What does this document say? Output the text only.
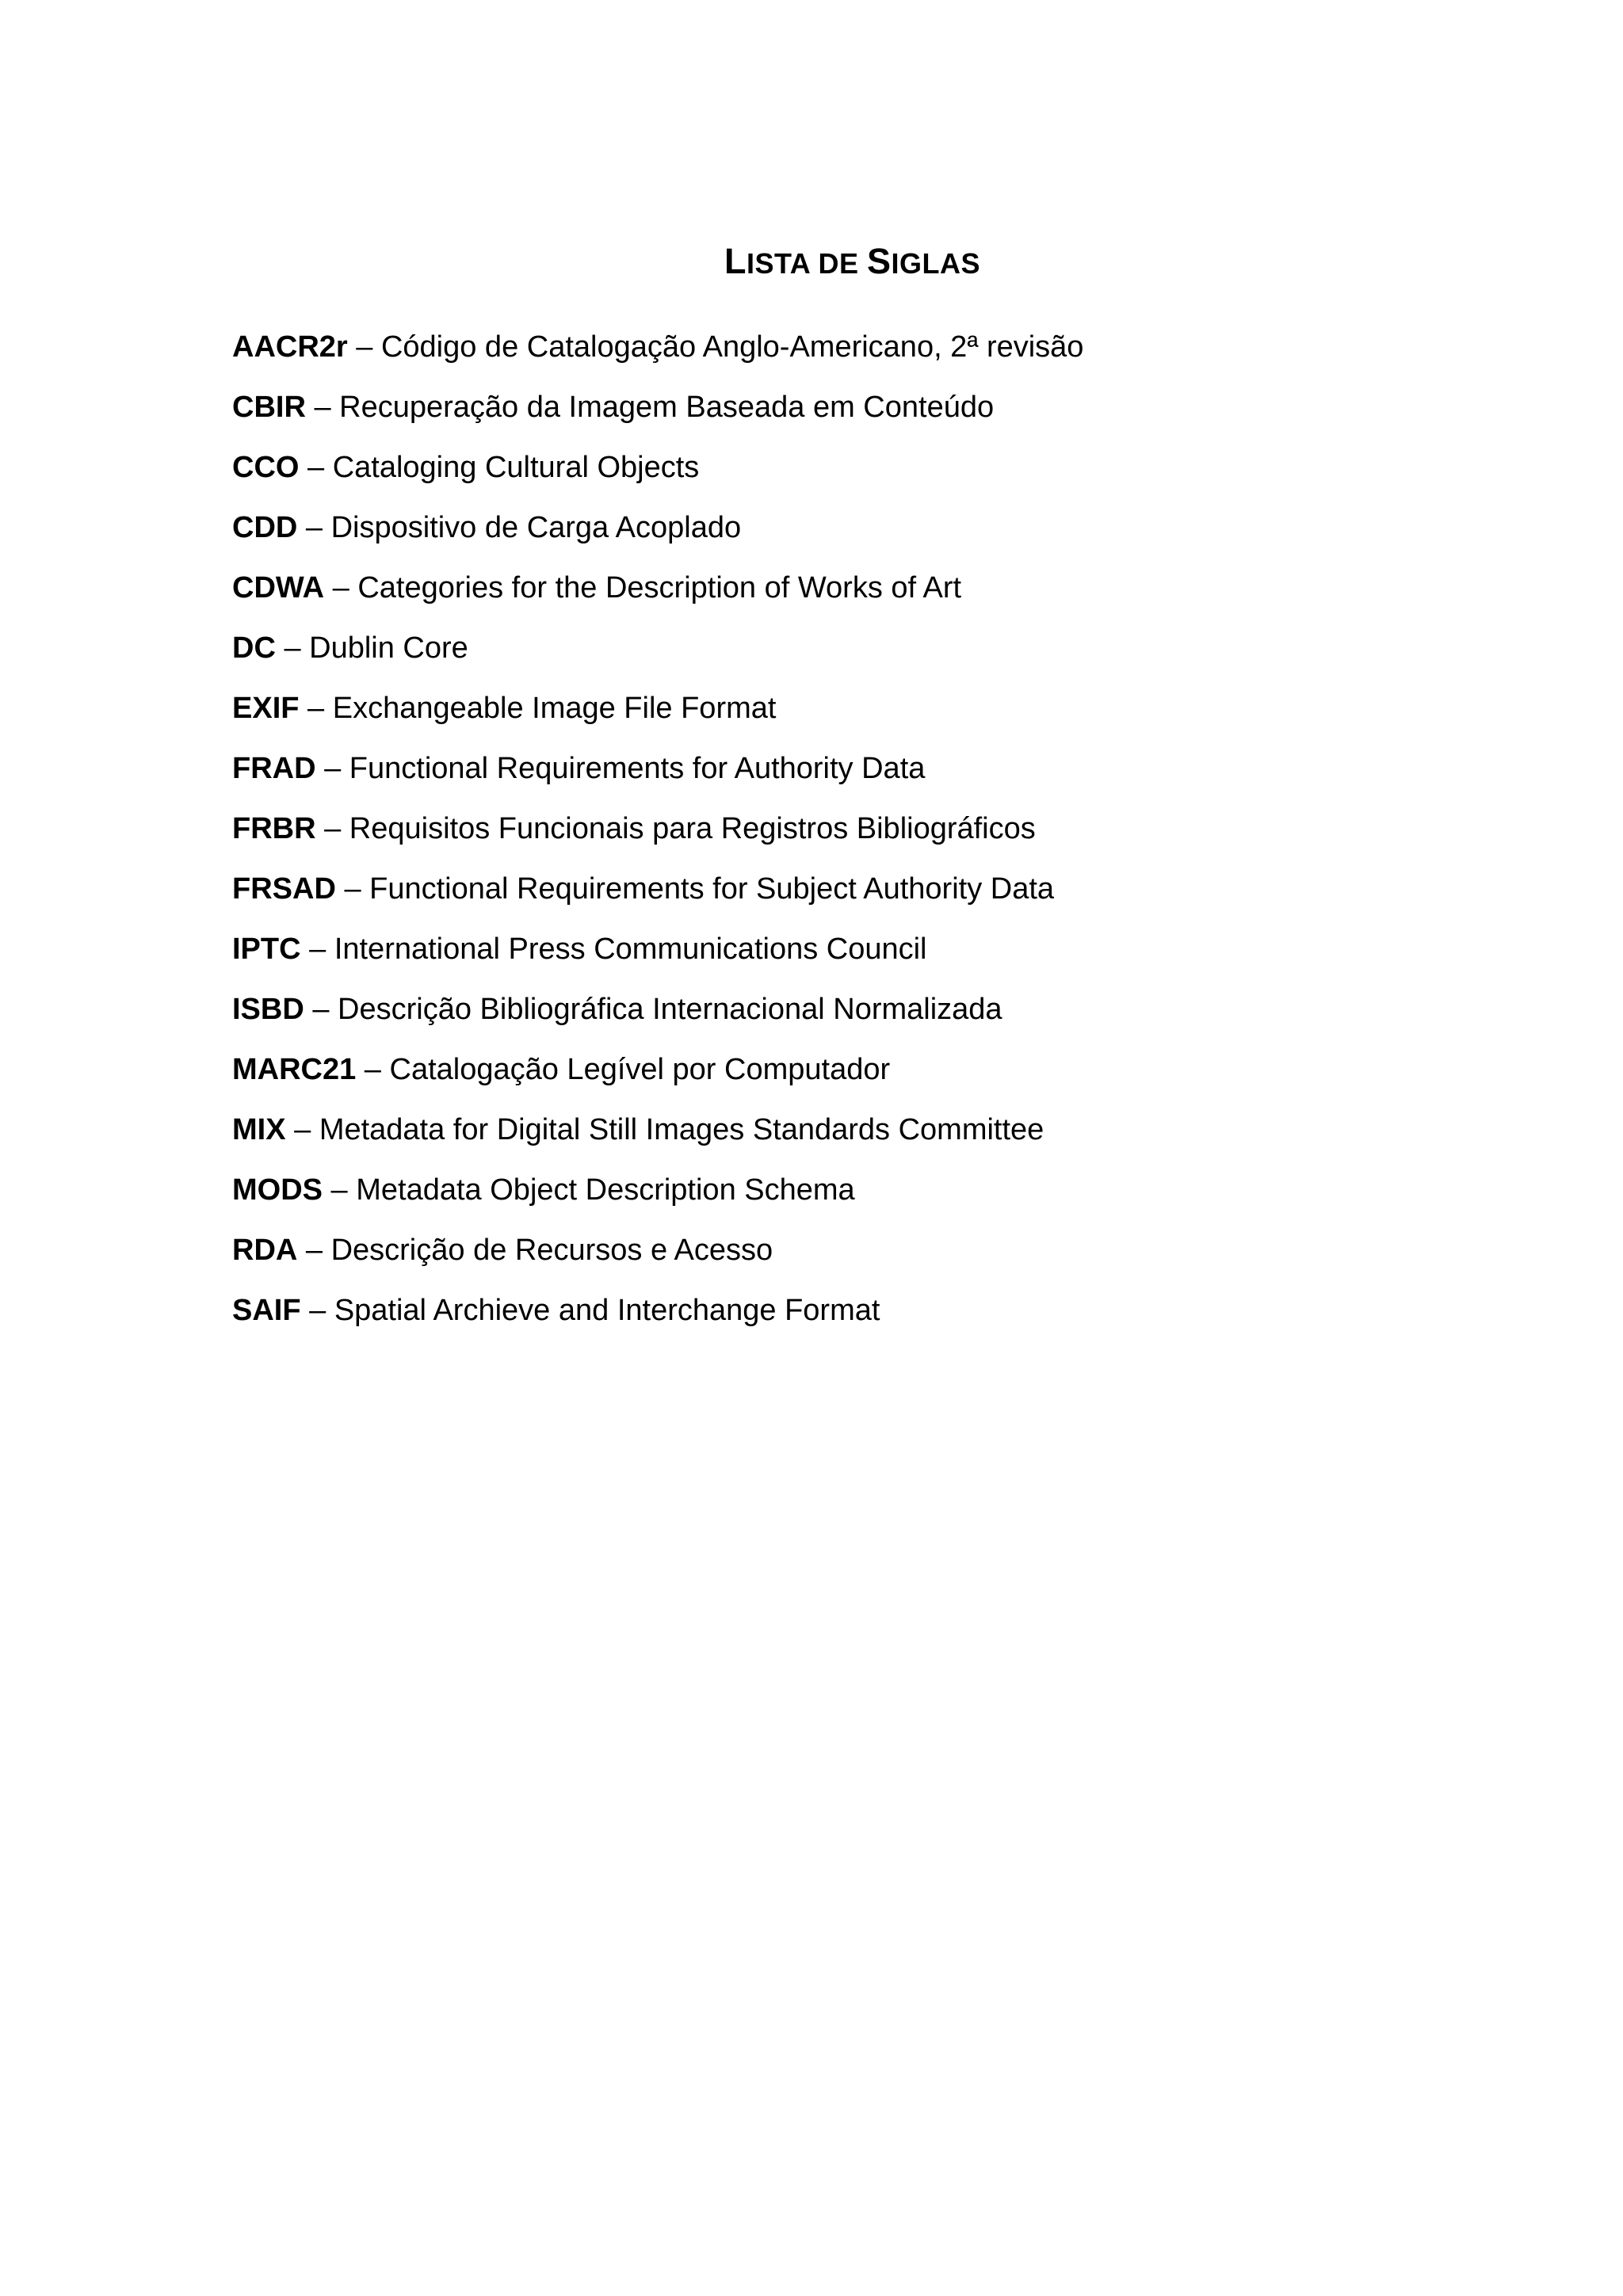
LISTA DE SIGLAS
AACR2r – Código de Catalogação Anglo-Americano, 2ª revisão
CBIR – Recuperação da Imagem Baseada em Conteúdo
CCO – Cataloging Cultural Objects
CDD – Dispositivo de Carga Acoplado
CDWA – Categories for the Description of Works of Art
DC – Dublin Core
EXIF – Exchangeable Image File Format
FRAD – Functional Requirements for Authority Data
FRBR – Requisitos Funcionais para Registros Bibliográficos
FRSAD – Functional Requirements for Subject Authority Data
IPTC – International Press Communications Council
ISBD – Descrição Bibliográfica Internacional Normalizada
MARC21 – Catalogação Legível por Computador
MIX – Metadata for Digital Still Images Standards Committee
MODS – Metadata Object Description Schema
RDA – Descrição de Recursos e Acesso
SAIF – Spatial Archieve and Interchange Format
